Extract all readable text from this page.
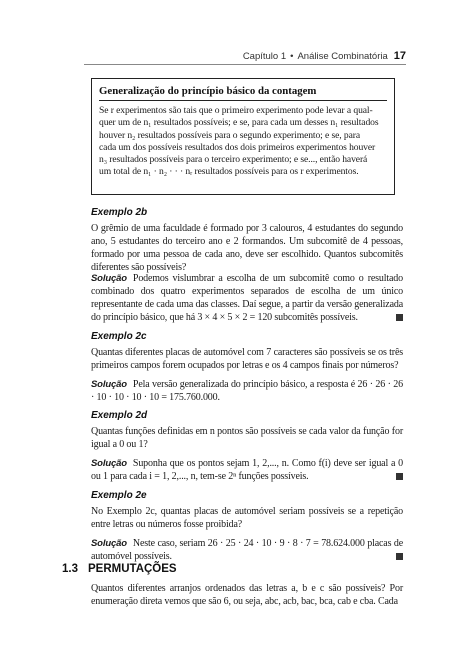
Capítulo 1 • Análise Combinatória 17
Generalização do princípio básico da contagem
Se r experimentos são tais que o primeiro experimento pode levar a qual-
quer um de n₁ resultados possíveis; e se, para cada um desses n₁ resultados
houver n₂ resultados possíveis para o segundo experimento; e se, para
cada um dos possíveis resultados dos dois primeiros experimentos houver
n₃ resultados possíveis para o terceiro experimento; e se..., então haverá
um total de n₁ · n₂ · · · nᵣ resultados possíveis para os r experimentos.
Exemplo 2b
O grêmio de uma faculdade é formado por 3 calouros, 4 estudantes do segundo ano, 5 estudantes do terceiro ano e 2 formandos. Um subcomitê de 4 pessoas, formado por uma pessoa de cada ano, deve ser escolhido. Quantos subcomitês diferentes são possíveis?
Solução Podemos vislumbrar a escolha de um subcomitê como o resultado combinado dos quatro experimentos separados de escolha de um único representante de cada uma das classes. Daí segue, a partir da versão generalizada do princípio básico, que há 3 × 4 × 5 × 2 = 120 subcomitês possíveis.
Exemplo 2c
Quantas diferentes placas de automóvel com 7 caracteres são possíveis se os três primeiros campos forem ocupados por letras e os 4 campos finais por números?
Solução Pela versão generalizada do princípio básico, a resposta é 26 · 26 · 26 · 10 · 10 · 10 · 10 = 175.760.000.
Exemplo 2d
Quantas funções definidas em n pontos são possíveis se cada valor da função for igual a 0 ou 1?
Solução Suponha que os pontos sejam 1, 2,..., n. Como f(i) deve ser igual a 0 ou 1 para cada i = 1, 2,..., n, tem-se 2ⁿ funções possíveis.
Exemplo 2e
No Exemplo 2c, quantas placas de automóvel seriam possíveis se a repetição entre letras ou números fosse proibida?
Solução Neste caso, seriam 26 · 25 · 24 · 10 · 9 · 8 · 7 = 78.624.000 placas de automóvel possíveis.
1.3 PERMUTAÇÕES
Quantos diferentes arranjos ordenados das letras a, b e c são possíveis? Por enumeração direta vemos que são 6, ou seja, abc, acb, bac, bca, cab e cba. Cada
